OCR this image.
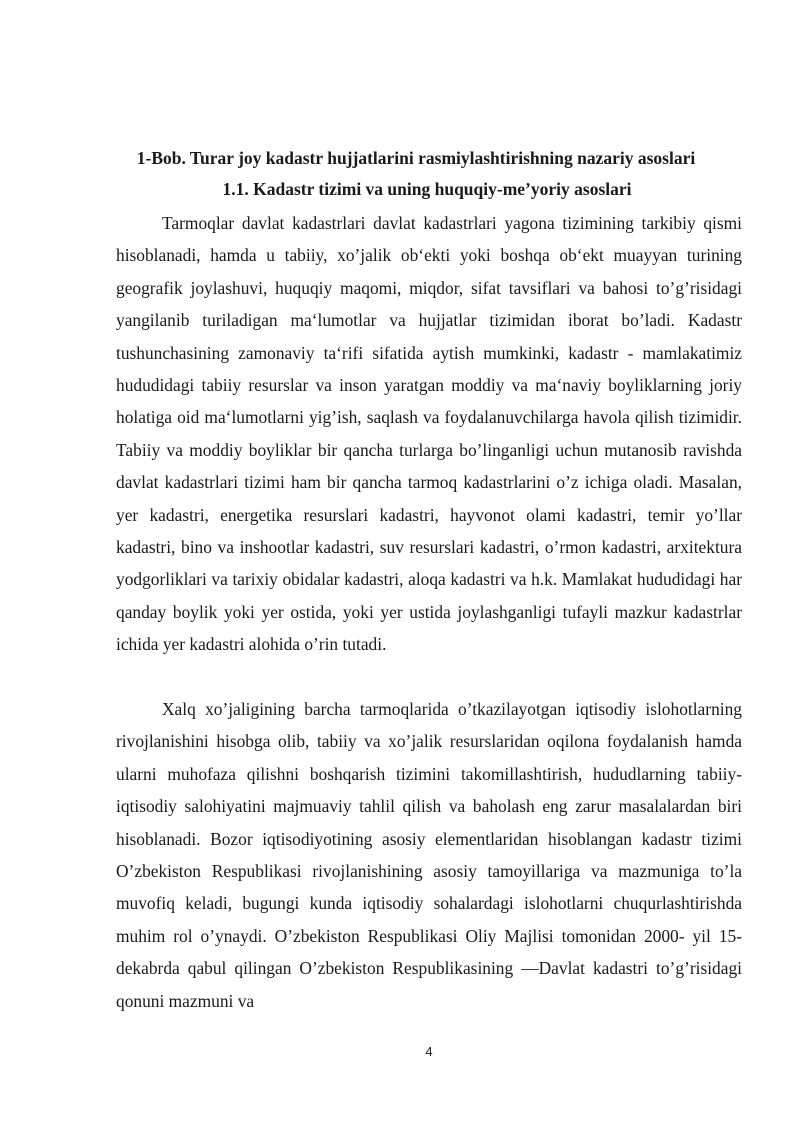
1-Bob. Turar joy kadastr hujjatlarini rasmiylashtirishning nazariy asoslari
1.1. Kadastr tizimi va uning huquqiy-me’yoriy asoslari

Tarmoqlar davlat kadastrlari davlat kadastrlari yagona tizimining tarkibiy qismi hisoblanadi, hamda u tabiiy, xo’jalik ob‘ekti yoki boshqa ob‘ekt muayyan turining geografik joylashuvi, huquqiy maqomi, miqdor, sifat tavsiflari va bahosi to’g’risidagi yangilanib turiladigan ma‘lumotlar va hujjatlar tizimidan iborat bo’ladi. Kadastr tushunchasining zamonaviy ta‘rifi sifatida aytish mumkinki, kadastr - mamlakatimiz hududidagi tabiiy resurslar va inson yaratgan moddiy va ma‘naviy boyliklarning joriy holatiga oid ma‘lumotlarni yig’ish, saqlash va foydalanuvchilarga havola qilish tizimidir. Tabiiy va moddiy boyliklar bir qancha turlarga bo’linganligi uchun mutanosib ravishda davlat kadastrlari tizimi ham bir qancha tarmoq kadastrlarini o’z ichiga oladi. Masalan, yer kadastri, energetika resurslari kadastri, hayvonot olami kadastri, temir yo’llar kadastri, bino va inshootlar kadastri, suv resurslari kadastri, o’rmon kadastri, arxitektura yodgorliklari va tarixiy obidalar kadastri, aloqa kadastri va h.k. Mamlakat hududidagi har qanday boylik yoki yer ostida, yoki yer ustida joylashganligi tufayli mazkur kadastrlar ichida yer kadastri alohida o’rin tutadi.

Xalq xo’jaligining barcha tarmoqlarida o’tkazilayotgan iqtisodiy islohotlarning rivojlanishini hisobga olib, tabiiy va xo’jalik resurslaridan oqilona foydalanish hamda ularni muhofaza qilishni boshqarish tizimini takomillashtirish, hududlarning tabiiy-iqtisodiy salohiyatini majmuaviy tahlil qilish va baholash eng zarur masalalardan biri hisoblanadi. Bozor iqtisodiyotining asosiy elementlaridan hisoblangan kadastr tizimi O’zbekiston Respublikasi rivojlanishining asosiy tamoyillariga va mazmuniga to’la muvofiq keladi, bugungi kunda iqtisodiy sohalardagi islohotlarni chuqurlashtirishda muhim rol o’ynaydi. O’zbekiston Respublikasi Oliy Majlisi tomonidan 2000- yil 15-dekabrda qabul qilingan O’zbekiston Respublikasining —Davlat kadastri to’g’risidagi qonuni mazmuni va

4
